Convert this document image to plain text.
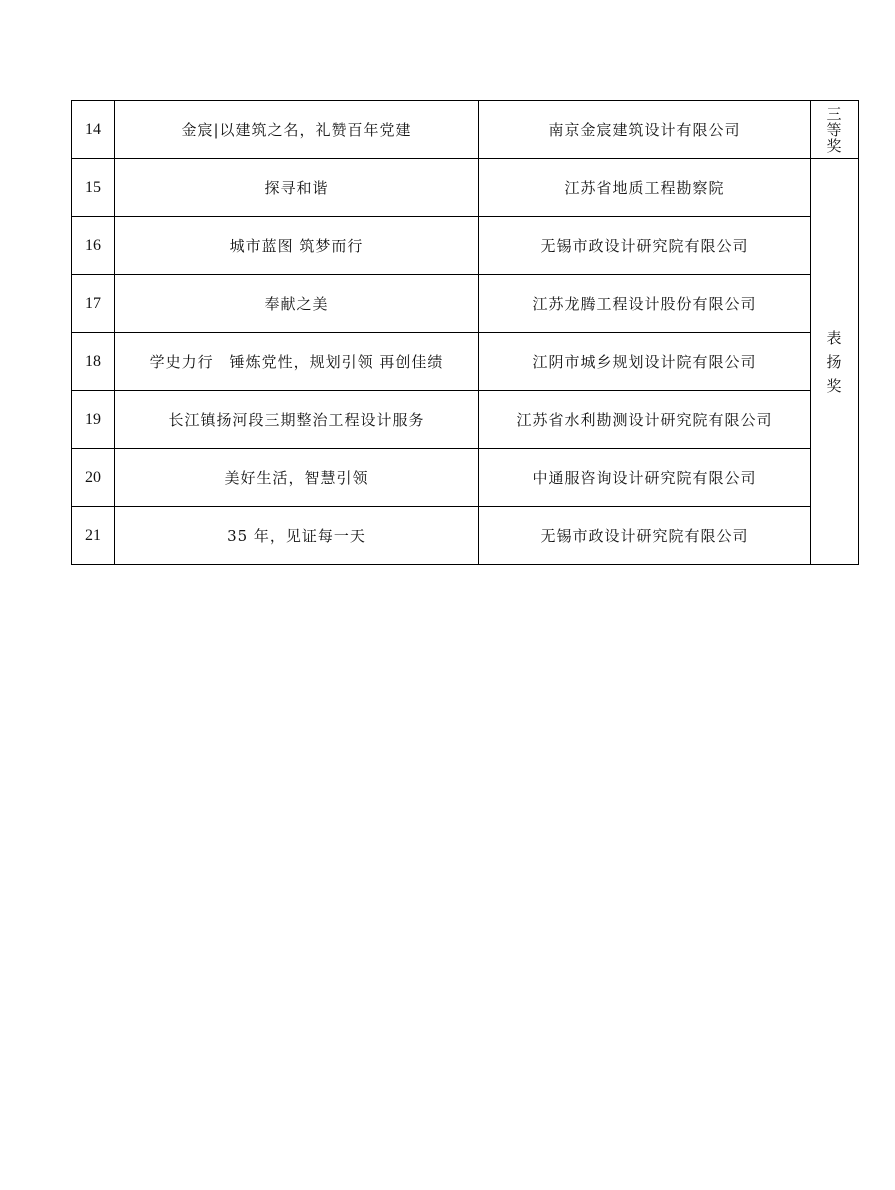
14	金宸|以建筑之名，礼赞百年党建	南京金宸建筑设计有限公司	三
等
奖

15	探寻和谐	江苏省地质工程勘察院	表
扬
奖

16	城市蓝图 筑梦而行	无锡市政设计研究院有限公司	
17	奉献之美	江苏龙腾工程设计股份有限公司	
18	学史力行　锤炼党性，规划引领 再创佳绩	江阴市城乡规划设计院有限公司	
19	长江镇扬河段三期整治工程设计服务	江苏省水利勘测设计研究院有限公司	
20	美好生活，智慧引领	中通服咨询设计研究院有限公司	
21	35 年，见证每一天	无锡市政设计研究院有限公司	
